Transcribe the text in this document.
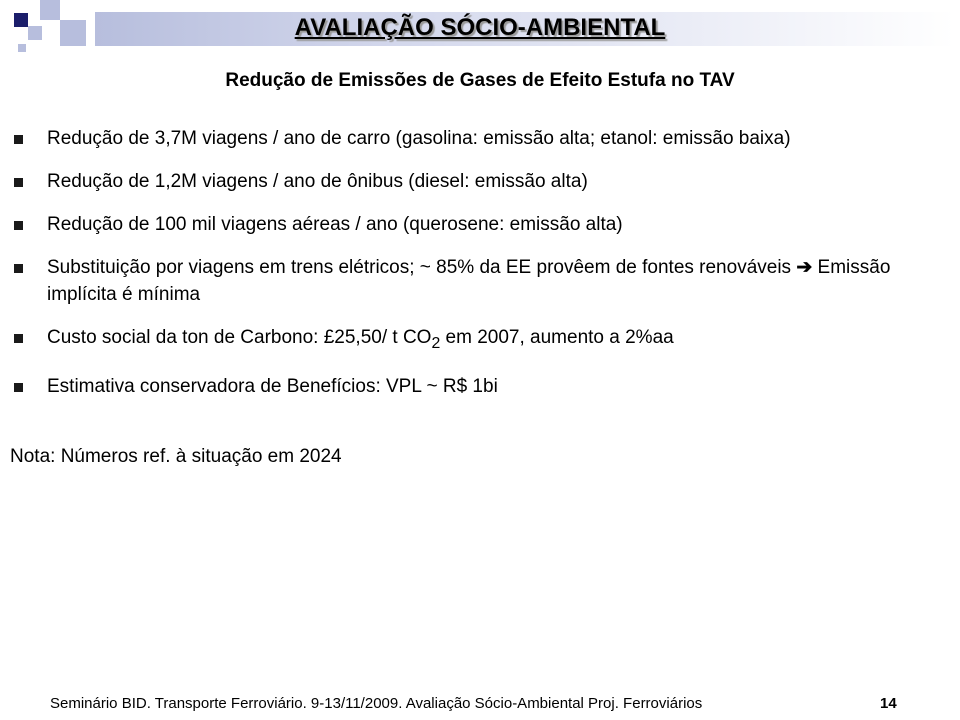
AVALIAÇÃO SÓCIO-AMBIENTAL
Redução de Emissões de Gases de Efeito Estufa no TAV
Redução de 3,7M viagens / ano de carro (gasolina: emissão alta; etanol: emissão baixa)
Redução de 1,2M viagens / ano de ônibus (diesel: emissão alta)
Redução de 100 mil viagens aéreas / ano (querosene: emissão alta)
Substituição por viagens em trens elétricos; ~ 85% da EE provêem de fontes renováveis ➔ Emissão implícita é mínima
Custo social da ton de Carbono: £25,50/ t $CO_2$ em 2007, aumento a 2%aa
Estimativa conservadora de Benefícios: VPL ~ R$ 1bi
Nota: Números ref. à situação em 2024
Seminário BID. Transporte Ferroviário. 9-13/11/2009. Avaliação Sócio-Ambiental Proj. Ferroviários	14
